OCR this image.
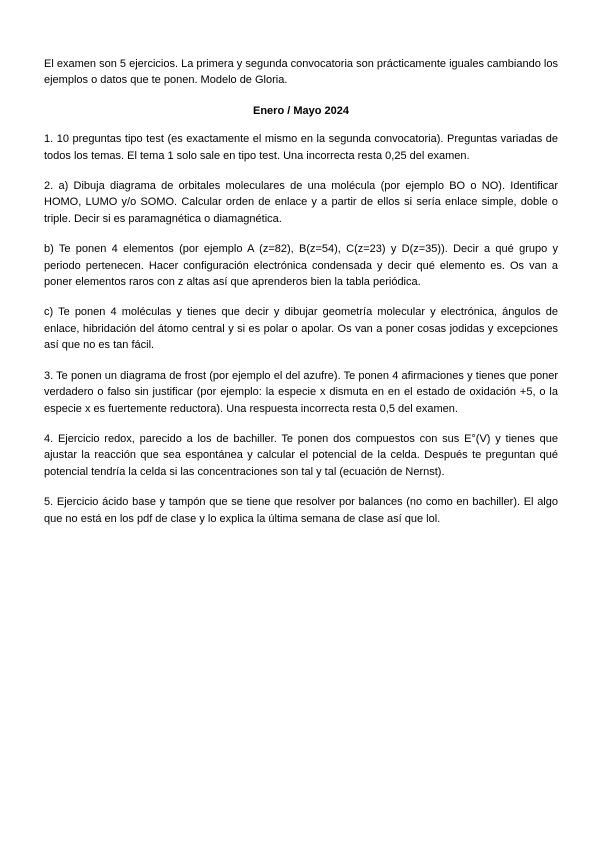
El examen son 5 ejercicios. La primera y segunda convocatoria son prácticamente iguales cambiando los ejemplos o datos que te ponen. Modelo de Gloria.

Enero / Mayo 2024

1. 10 preguntas tipo test (es exactamente el mismo en la segunda convocatoria). Preguntas variadas de todos los temas. El tema 1 solo sale en tipo test. Una incorrecta resta 0,25 del examen.

2. a) Dibuja diagrama de orbitales moleculares de una molécula (por ejemplo BO o NO). Identificar HOMO, LUMO y/o SOMO. Calcular orden de enlace y a partir de ellos si sería enlace simple, doble o triple. Decir si es paramagnética o diamagnética.

b) Te ponen 4 elementos (por ejemplo A (z=82), B(z=54), C(z=23) y D(z=35)). Decir a qué grupo y periodo pertenecen. Hacer configuración electrónica condensada y decir qué elemento es. Os van a poner elementos raros con z altas así que aprenderos bien la tabla periódica.

c) Te ponen 4 moléculas y tienes que decir y dibujar geometría molecular y electrónica, ángulos de enlace, hibridación del átomo central y si es polar o apolar. Os van a poner cosas jodidas y excepciones así que no es tan fácil.

3. Te ponen un diagrama de frost (por ejemplo el del azufre). Te ponen 4 afirmaciones y tienes que poner verdadero o falso sin justificar (por ejemplo: la especie x dismuta en en el estado de oxidación +5, o la especie x es fuertemente reductora). Una respuesta incorrecta resta 0,5 del examen.

4. Ejercicio redox, parecido a los de bachiller. Te ponen dos compuestos con sus E°(V) y tienes que ajustar la reacción que sea espontánea y calcular el potencial de la celda. Después te preguntan qué potencial tendría la celda si las concentraciones son tal y tal (ecuación de Nernst).

5. Ejercicio ácido base y tampón que se tiene que resolver por balances (no como en bachiller). El algo que no está en los pdf de clase y lo explica la última semana de clase así que lol.
